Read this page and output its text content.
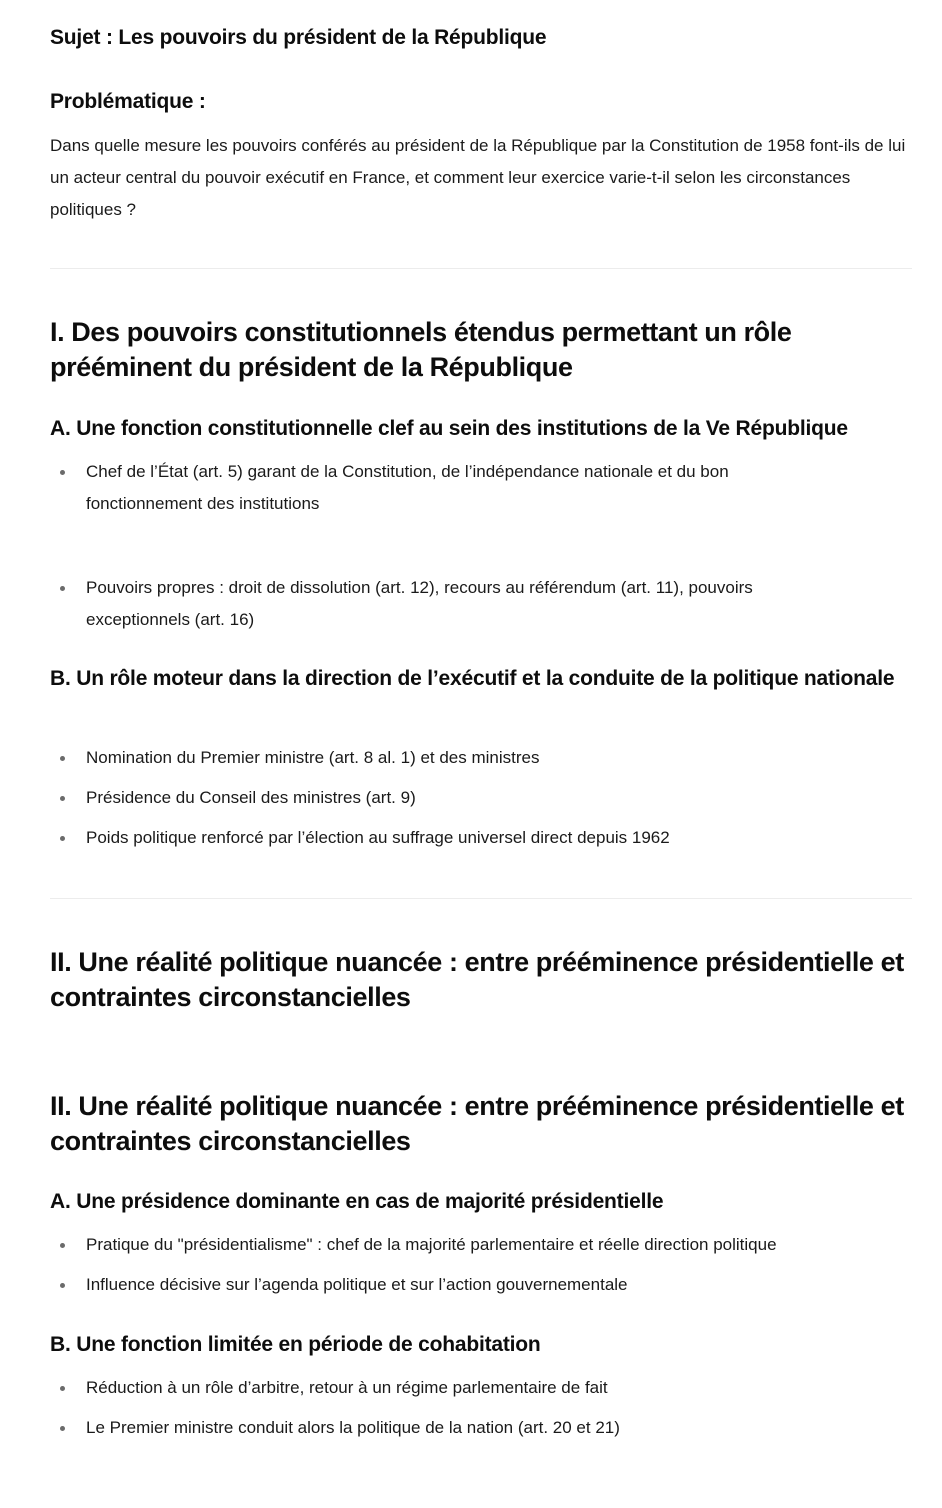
Sujet : Les pouvoirs du président de la République
Problématique :
Dans quelle mesure les pouvoirs conférés au président de la République par la Constitution de 1958 font-ils de lui un acteur central du pouvoir exécutif en France, et comment leur exercice varie-t-il selon les circonstances politiques ?
I. Des pouvoirs constitutionnels étendus permettant un rôle prééminent du président de la République
A. Une fonction constitutionnelle clef au sein des institutions de la Ve République
Chef de l’État (art. 5) garant de la Constitution, de l’indépendance nationale et du bon fonctionnement des institutions
Pouvoirs propres : droit de dissolution (art. 12), recours au référendum (art. 11), pouvoirs exceptionnels (art. 16)
B. Un rôle moteur dans la direction de l’exécutif et la conduite de la politique nationale
Nomination du Premier ministre (art. 8 al. 1) et des ministres
Présidence du Conseil des ministres (art. 9)
Poids politique renforcé par l’élection au suffrage universel direct depuis 1962
II. Une réalité politique nuancée : entre prééminence présidentielle et contraintes circonstancielles
II. Une réalité politique nuancée : entre prééminence présidentielle et contraintes circonstancielles
A. Une présidence dominante en cas de majorité présidentielle
Pratique du "présidentialisme" : chef de la majorité parlementaire et réelle direction politique
Influence décisive sur l’agenda politique et sur l’action gouvernementale
B. Une fonction limitée en période de cohabitation
Réduction à un rôle d’arbitre, retour à un régime parlementaire de fait
Le Premier ministre conduit alors la politique de la nation (art. 20 et 21)
